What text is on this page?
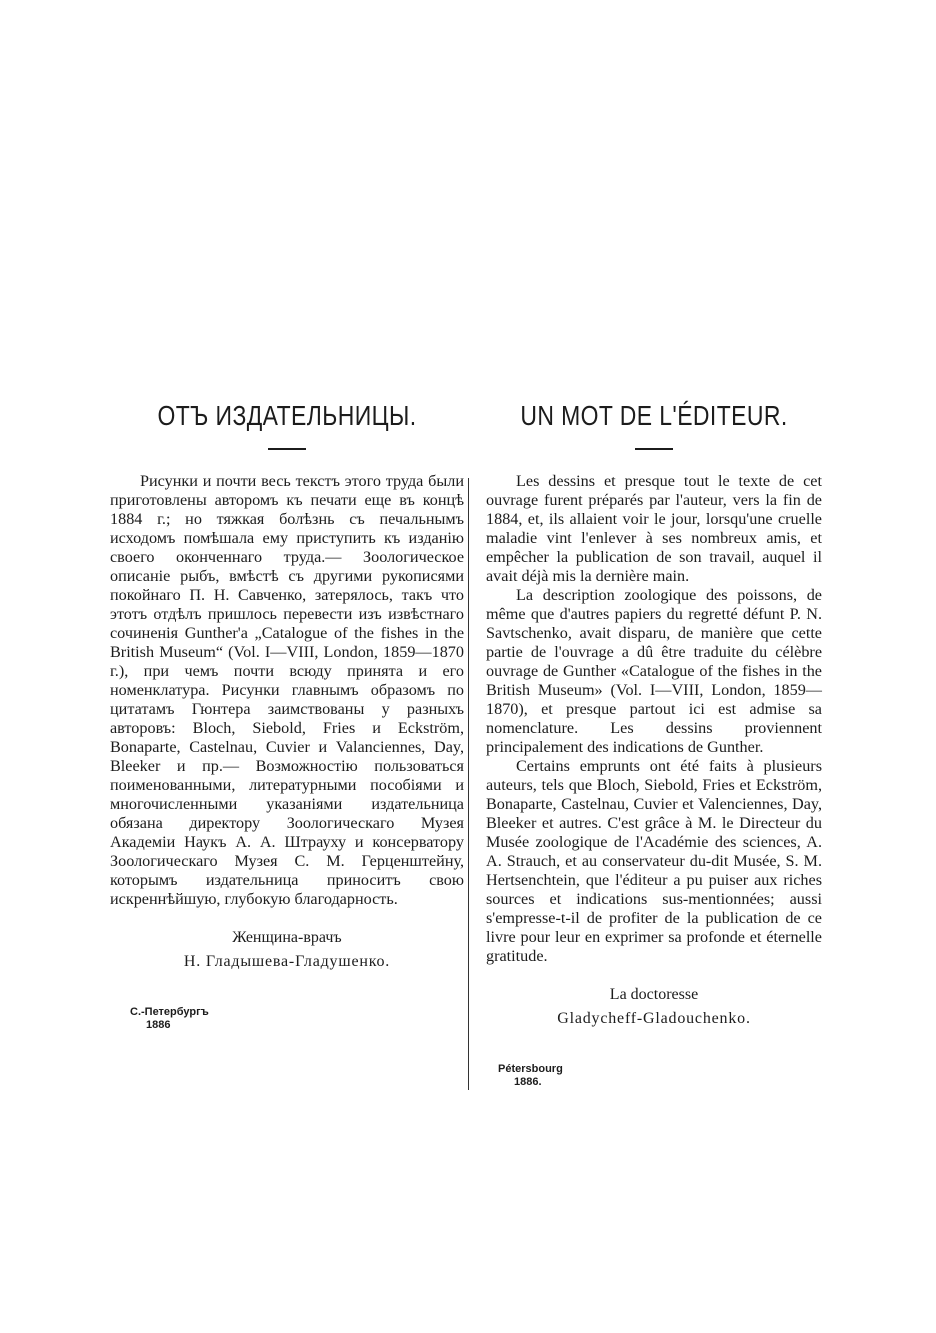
ОТЪ ИЗДАТЕЛЬНИЦЫ.

Рисунки и почти весь текстъ этого труда были приготовлены авторомъ къ печати еще въ концѣ 1884 г.; но тяжкая болѣзнь съ печальнымъ исходомъ помѣшала ему приступить къ изданію своего оконченнаго труда.— Зоологическое описаніе рыбъ, вмѣстѣ съ другими рукописями покойнаго П. Н. Савченко, затерялось, такъ что этотъ отдѣлъ пришлось перевести изъ извѣстнаго сочиненія Gunther'а „Catalogue of the fishes in the British Museum“ (Vol. I—VIII, London, 1859—1870 г.), при чемъ почти всюду принята и его номенклатура. Рисунки главнымъ образомъ по цитатамъ Гюнтера заимствованы у разныхъ авторовъ: Bloch, Siebold, Fries и Eckström, Bonaparte, Castelnau, Cuvier и Valanciennes, Day, Bleeker и пр.— Возможностію пользоваться поименованными, литературными пособіями и многочисленными указаніями издательница обязана директору Зоологическаго Музея Академіи Наукъ А. А. Штрауху и консерватору Зоологическаго Музея С. М. Герценштейну, которымъ издательница приноситъ свою искреннѣйшую, глубокую благодарность.

Женщина-врачъ
Н. Гладышева-Гладушенко.
UN MOT DE L'ÉDITEUR.

Les dessins et presque tout le texte de cet ouvrage furent préparés par l'auteur, vers la fin de 1884, et, ils allaient voir le jour, lorsqu'une cruelle maladie vint l'enlever à ses nombreux amis, et empêcher la publication de son travail, auquel il avait déjà mis la dernière main.

La description zoologique des poissons, de même que d'autres papiers du regretté défunt P. N. Savtschenko, avait disparu, de manière que cette partie de l'ouvrage a dû être traduite du célèbre ouvrage de Gunther «Catalogue of the fishes in the British Museum» (Vol. I—VIII, London, 1859—1870), et presque partout ici est admise sa nomenclature. Les dessins proviennent principalement des indications de Gunther.

Certains emprunts ont été faits à plusieurs auteurs, tels que Bloch, Siebold, Fries et Eckström, Bonaparte, Castelnau, Cuvier et Valenciennes, Day, Bleeker et autres. C'est grâce à M. le Directeur du Musée zoologique de l'Académie des sciences, A. A. Strauch, et au conservateur du-dit Musée, S. M. Hertsenchtein, que l'éditeur a pu puiser aux riches sources et indications sus-mentionnées; aussi s'empresse-t-il de profiter de la publication de ce livre pour leur en exprimer sa profonde et éternelle gratitude.

La doctoresse
Gladycheff-Gladouchenko.
С.-Петербургъ
1886
Pétersbourg
1886.
